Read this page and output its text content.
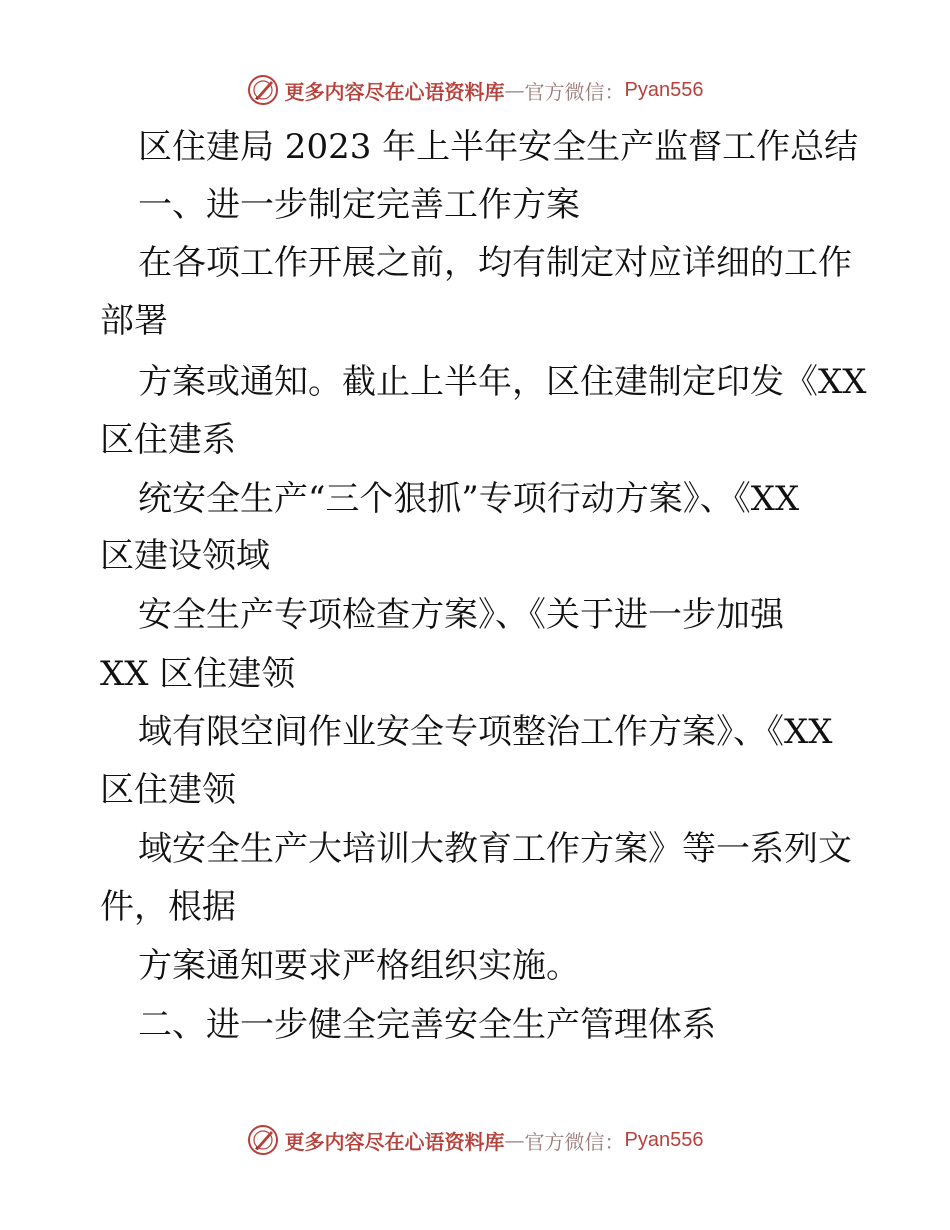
更多内容尽在心语资料库 — 官方微信： Pyan556
区住建局 2023 年上半年安全生产监督工作总结
一、进一步制定完善工作方案
在各项工作开展之前，均有制定对应详细的工作
部署
方案或通知。截止上半年，区住建制定印发《XX
区住建系
统安全生产“三个狠抓”专项行动方案》、《XX
区建设领域
安全生产专项检查方案》、《关于进一步加强
XX 区住建领
域有限空间作业安全专项整治工作方案》、《XX
区住建领
域安全生产大培训大教育工作方案》等一系列文
件，根据
方案通知要求严格组织实施。
二、进一步健全完善安全生产管理体系
更多内容尽在心语资料库 — 官方微信： Pyan556
